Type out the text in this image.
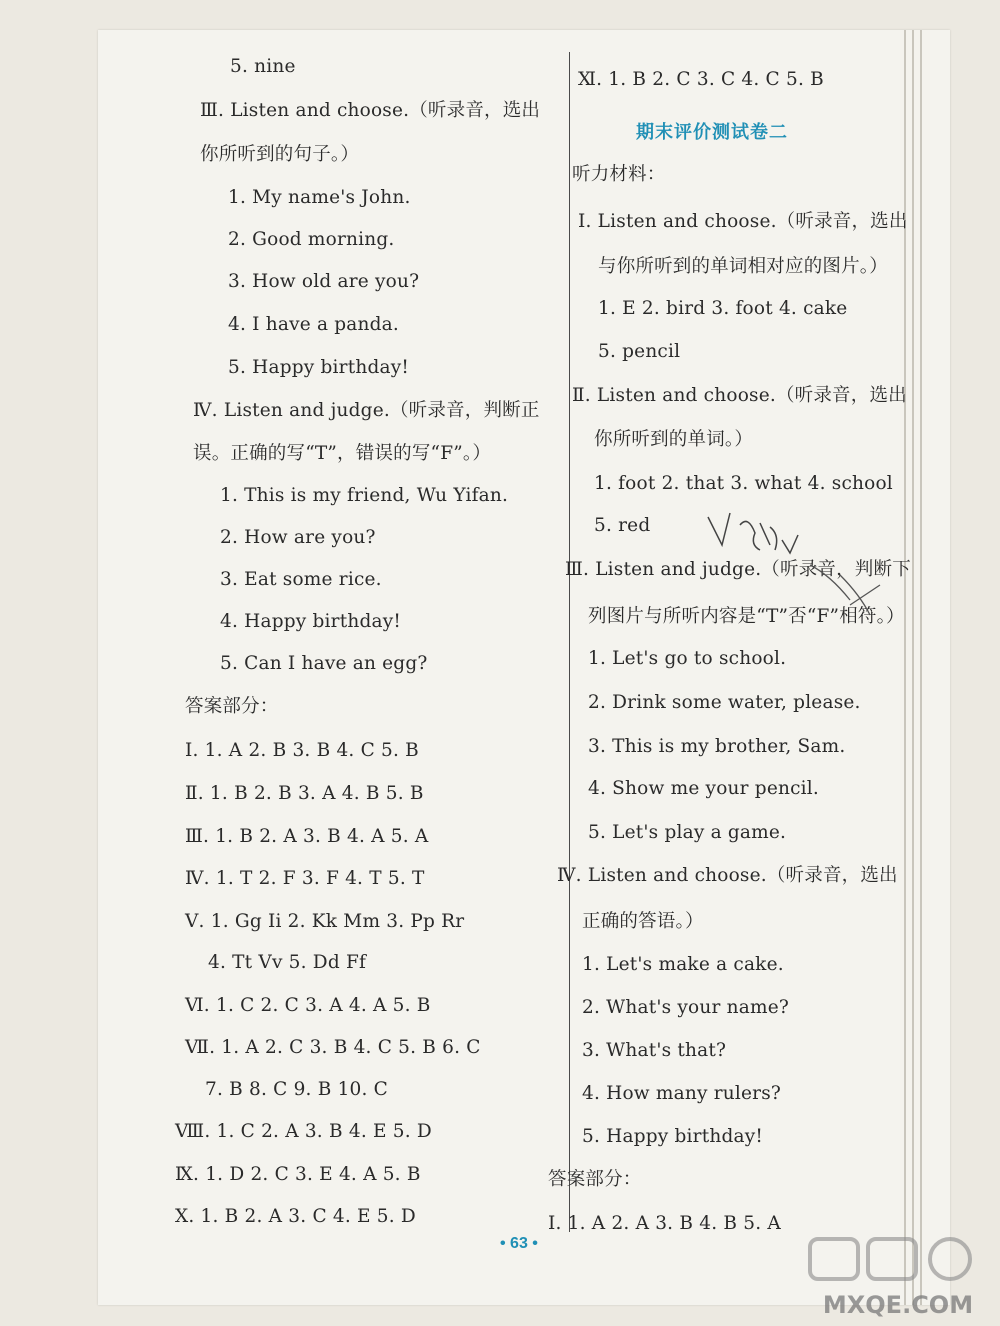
5. nine
Ⅲ. Listen and choose.（听录音，选出
你所听到的句子。）
1. My name's John.
2. Good morning.
3. How old are you?
4. I have a panda.
5. Happy birthday!
Ⅳ. Listen and judge.（听录音，判断正
误。正确的写“T”，错误的写“F”。）
1. This is my friend, Wu Yifan.
2. How are you?
3. Eat some rice.
4. Happy birthday!
5. Can I have an egg?
答案部分：
Ⅰ. 1. A 2. B 3. B 4. C 5. B
Ⅱ. 1. B 2. B 3. A 4. B 5. B
Ⅲ. 1. B 2. A 3. B 4. A 5. A
Ⅳ. 1. T 2. F 3. F 4. T 5. T
Ⅴ. 1. Gg Ii 2. Kk Mm 3. Pp Rr
4. Tt Vv 5. Dd Ff
Ⅵ. 1. C 2. C 3. A 4. A 5. B
Ⅶ. 1. A 2. C 3. B 4. C 5. B 6. C
7. B 8. C 9. B 10. C
Ⅷ. 1. C 2. A 3. B 4. E 5. D
Ⅸ. 1. D 2. C 3. E 4. A 5. B
Ⅹ. 1. B 2. A 3. C 4. E 5. D
Ⅺ. 1. B 2. C 3. C 4. C 5. B
期末评价测试卷二
听力材料：
Ⅰ. Listen and choose.（听录音，选出
与你所听到的单词相对应的图片。）
1. E 2. bird 3. foot 4. cake
5. pencil
Ⅱ. Listen and choose.（听录音，选出
你所听到的单词。）
1. foot 2. that 3. what 4. school
5. red
Ⅲ. Listen and judge.（听录音，判断下
列图片与所听内容是“T”否“F”相符。）
1. Let's go to school.
2. Drink some water, please.
3. This is my brother, Sam.
4. Show me your pencil.
5. Let's play a game.
Ⅳ. Listen and choose.（听录音，选出
正确的答语。）
1. Let's make a cake.
2. What's your name?
3. What's that?
4. How many rulers?
5. Happy birthday!
答案部分：
Ⅰ. 1. A 2. A 3. B 4. B 5. A
• 63 •
MXQE.COM
